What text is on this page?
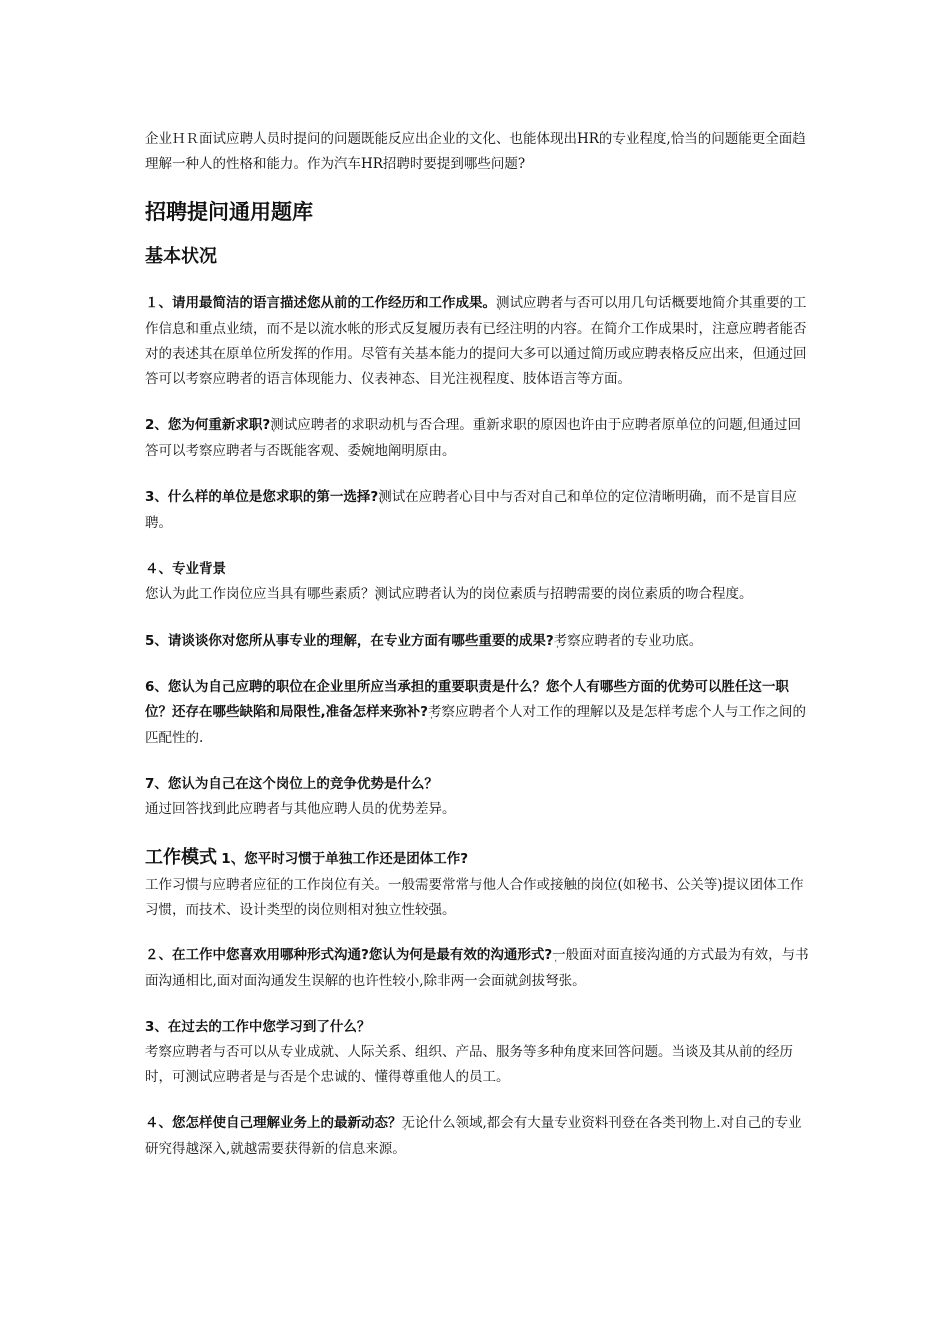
企业ＨＲ面试应聘人员时提问的问题既能反应出企业的文化、也能体现出HR的专业程度,恰当的问题能更全面趋理解一种人的性格和能力。作为汽车HR招聘时要提到哪些问题?

招聘提问通用题库
基本状况

１、请用最简洁的语言描述您从前的工作经历和工作成果。测试应聘者与否可以用几句话概要地简介其重要的工作信息和重点业绩，而不是以流水帐的形式反复履历表有已经注明的内容。在简介工作成果时，注意应聘者能否对的表述其在原单位所发挥的作用。尽管有关基本能力的提问大多可以通过简历或应聘表格反应出来，但通过回答可以考察应聘者的语言体现能力、仪表神态、目光注视程度、肢体语言等方面。

2、您为何重新求职?测试应聘者的求职动机与否合理。重新求职的原因也许由于应聘者原单位的问题,但通过回答可以考察应聘者与否既能客观、委婉地阐明原由。

3、什么样的单位是您求职的第一选择?测试在应聘者心目中与否对自己和单位的定位清晰明确，而不是盲目应聘。

４、专业背景
您认为此工作岗位应当具有哪些素质？测试应聘者认为的岗位素质与招聘需要的岗位素质的吻合程度。

5、请谈谈你对您所从事专业的理解，在专业方面有哪些重要的成果?考察应聘者的专业功底。

6、您认为自己应聘的职位在企业里所应当承担的重要职责是什么？您个人有哪些方面的优势可以胜任这一职位？还存在哪些缺陷和局限性,准备怎样来弥补?考察应聘者个人对工作的理解以及是怎样考虑个人与工作之间的匹配性的.

7、您认为自己在这个岗位上的竞争优势是什么？
通过回答找到此应聘者与其他应聘人员的优势差异。

工作模式 1、您平时习惯于单独工作还是团体工作?
工作习惯与应聘者应征的工作岗位有关。一般需要常常与他人合作或接触的岗位(如秘书、公关等)提议团体工作习惯，而技术、设计类型的岗位则相对独立性较强。

２、在工作中您喜欢用哪种形式沟通?您认为何是最有效的沟通形式?一般面对面直接沟通的方式最为有效，与书面沟通相比,面对面沟通发生误解的也许性较小,除非两一会面就剑拔弩张。

3、在过去的工作中您学习到了什么？
考察应聘者与否可以从专业成就、人际关系、组织、产品、服务等多种角度来回答问题。当谈及其从前的经历时，可测试应聘者是与否是个忠诚的、懂得尊重他人的员工。

４、您怎样使自己理解业务上的最新动态？无论什么领域,都会有大量专业资料刊登在各类刊物上.对自己的专业研究得越深入,就越需要获得新的信息来源。
